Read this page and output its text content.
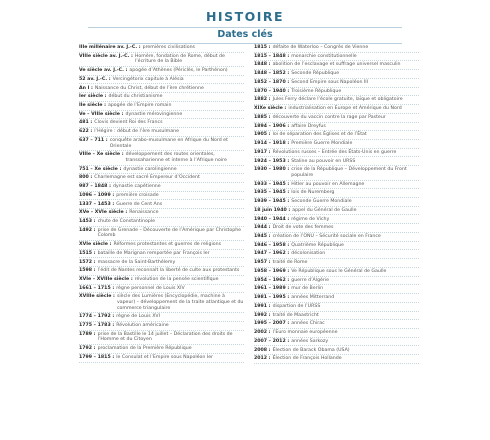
HISTOIRE
Dates clés
IIIe millénaire av. J.-C. : premières civilisations
VIIIe siècle av. J.-C. : Homère, fondation de Rome, début de l’écriture de la Bible
Ve siècle av. J.-C. : apogée d’Athènes (Périclès, le Parthénon)
52 av. J.-C. : Vercingétorix capitule à Alésia
An I : Naissance du Christ, début de l’ère chrétienne
Ier siècle : début du christianisme
IIe siècle : apogée de l’Empire romain
Ve – VIIIe siècle : dynastie mérovingienne
481 : Clovis devient Roi des Francs
622 : l’Hégire : début de l’ère musulmane
637 – 711 : conquête arabo-musulmane en Afrique du Nord et Orientale
VIIIe – Xe siècle : développement des routes orientales, transsaharienne et interne à l’Afrique noire
751 – Xe siècle : dynastie carolingienne
800 : Charlemagne est sacré Empereur d’Occident
987 – 1848 : dynastie capétienne
1096 – 1099 : première croisade
1337 – 1453 : Guerre de Cent Ans
XVe – XVIe siècle : Renaissance
1453 : chute de Constantinople
1492 : prise de Grenade – Découverte de l’Amérique par Christophe Colomb
XVIe siècle : Réformes protestantes et guerres de religions
1515 : bataille de Marignan remportée par François Ier
1572 : massacre de la Saint-Barthélemy
1598 : l’édit de Nantes reconnaît la liberté de culte aux protestants
XVIe – XVIIIe siècle : révolution de la pensée scientifique
1661 – 1715 : règne personnel de Louis XIV
XVIIIe siècle : siècle des Lumières (Encyclopédie, machine à vapeur) – développement de la traite atlantique et du commerce triangulaire
1774 – 1792 : règne de Louis XVI
1775 – 1783 : Révolution américaine
1789 : prise de la Bastille le 14 juillet – Déclaration des droits de l’Homme et du Citoyen
1792 : proclamation de la Première République
1799 – 1815 : le Consulat et l’Empire sous Napoléon Ier
1815 : défaite de Waterloo – Congrès de Vienne
1815 – 1848 : monarchie constitutionnelle
1848 : abolition de l’esclavage et suffrage universel masculin
1848 – 1852 : Seconde République
1852 – 1870 : Second Empire sous Napoléon III
1870 – 1940 : Troisième République
1882 : Jules Ferry déclare l’école gratuite, laïque et obligatoire
XIXe siècle : industrialisation en Europe et Amérique du Nord
1885 : découverte du vaccin contre la rage par Pasteur
1894 – 1906 : affaire Dreyfus
1905 : loi de séparation des Églises et de l’État
1914 – 1918 : Première Guerre Mondiale
1917 : Révolutions russes – Entrée des États-Unis en guerre
1924 – 1953 : Staline au pouvoir en URSS
1930 – 1980 : crise de la République – Développement du Front populaire
1933 – 1945 : Hitler au pouvoir en Allemagne
1935 – 1945 : lois de Nuremberg
1939 – 1945 : Seconde Guerre Mondiale
18 juin 1940 : appel du Général de Gaulle
1940 – 1944 : régime de Vichy
1944 : Droit de vote des femmes
1945 : création de l’ONU – Sécurité sociale en France
1946 – 1958 : Quatrième République
1947 – 1962 : décolonisation
1957 : traité de Rome
1958 – 1969 : Ve République sous le Général de Gaulle
1954 – 1962 : guerre d’Algérie
1961 – 1989 : mur de Berlin
1981 – 1995 : années Mitterrand
1991 : dispartion de l’URSS
1992 : traité de Maastricht
1995 – 2007 : années Chirac
2002 : l’Euro monnaie européenne
2007 – 2012 : années Sarkozy
2008 : Élection de Barack Obama (USA)
2012 : Élection de François Hollande
